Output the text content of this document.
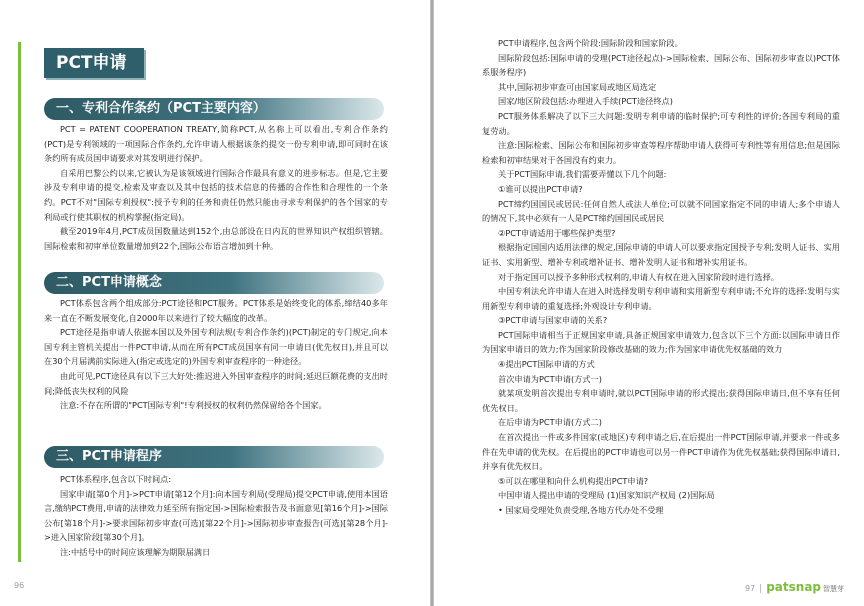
PCT申请
一、专利合作条约（PCT主要内容）

PCT = PATENT COOPERATION TREATY,简称PCT,从名称上可以看出,专利合作条约(PCT)是专利领域的一项国际合作条约,允许申请人根据该条约提交一份专利申请,即可同时在该条约所有成员国申请要求对其发明进行保护。

自采用巴黎公约以来,它被认为是该领域进行国际合作最具有意义的进步标志。但是,它主要涉及专利申请的提交,检索及审查以及其中包括的技术信息的传播的合作性和合理性的一个条约。PCT不对"国际专利授权":授予专利的任务和责任仍然只能由寻求专利保护的各个国家的专利局或行使其职权的机构掌握(指定局)。

截至2019年4月,PCT成员国数量达到152个,由总部设在日内瓦的世界知识产权组织管辖。国际检索和初审单位数量增加到22个,国际公布语言增加到十种。

二、PCT申请概念

PCT体系包含两个组成部分:PCT途径和PCT服务。PCT体系是始终变化的体系,缔结40多年来一直在不断发展变化,自2000年以来进行了较大幅度的改革。

PCT途径是指申请人依据本国以及外国专利法规(专利合作条约)(PCT)制定的专门规定,向本国专利主管机关提出一件PCT申请,从而在所有PCT成员国享有同一申请日(优先权日),并且可以在30个月届满前实际进入(指定或选定的)外国专利审查程序的一种途径。

由此可见,PCT途径具有以下三大好处:推迟进入外国审查程序的时间;延迟巨额花费的支出时间;降低丧失权利的风险

注意:不存在所谓的"PCT国际专利"!专利授权的权利仍然保留给各个国家。

三、PCT申请程序

PCT体系程序,包含以下时间点:

国家申请[第0个月]->PCT申请[第12个月]:向本国专利局(受理局)提交PCT申请,使用本国语言,缴纳PCT费用,申请的法律效力延至所有指定国->国际检索报告及书面意见[第16个月]->国际公布[第18个月]->要求国际初步审查(可选)[第22个月]->国际初步审查报告(可选)[第28个月]->进入国家阶段[第30个月]。

注:中括号中的时间应该理解为期限届满日

96

PCT申请程序,包含两个阶段:国际阶段和国家阶段。

国际阶段包括:国际申请的受理(PCT途径起点)->国际检索、国际公布、国际初步审查以)PCT体系服务程序)

其中,国际初步审查可由国家局或地区局选定

国家/地区阶段包括:办理进入手续(PCT途径终点)

PCT服务体系解决了以下三大问题:发明专利申请的临时保护;可专利性的评价;各国专利局的重复劳动。

注意:国际检索、国际公布和国际初步审查等程序帮助申请人获得可专利性等有用信息;但是国际检索和初审结果对于各国没有约束力。

关于PCT国际申请,我们需要弄懂以下几个问题:

①谁可以提出PCT申请?

PCT缔约国国民或居民:任何自然人或法人单位;可以就不同国家指定不同的申请人;多个申请人的情况下,其中必须有一人是PCT缔约国国民或居民

②PCT申请适用于哪些保护类型?

根据指定国国内适用法律的规定,国际申请的申请人可以要求指定国授予专利;发明人证书、实用证书、实用新型、增补专利或增补证书、增补发明人证书和增补实用证书。

对于指定国可以授予多种形式权利的,申请人有权在进入国家阶段时进行选择。

中国专利法允许申请人在进入时选择发明专利申请和实用新型专利申请;不允许的选择:发明与实用新型专利申请的重复选择;外观设计专利申请。

③PCT申请与国家申请的关系?

PCT国际申请相当于正规国家申请,具备正规国家申请效力,包含以下三个方面:以国际申请日作为国家申请日的效力;作为国家阶段修改基础的效力;作为国家申请优先权基础的效力

④提出PCT国际申请的方式

首次申请为PCT申请(方式一)

就某项发明首次提出专利申请时,就以PCT国际申请的形式提出;获得国际申请日,但不享有任何优先权日。

在后申请为PCT申请(方式二)

在首次提出一件或多件国家(或地区)专利申请之后,在后提出一件PCT国际申请,并要求一件或多件在先申请的优先权。在后提出的PCT申请也可以另一件PCT申请作为优先权基础;获得国际申请日,并享有优先权日。

⑤可以在哪里和向什么机构提出PCT申请?

中国申请人提出申请的受理局 (1)国家知识产权局 (2)国际局

• 国家局受理处负责受理,各地方代办处不受理

97 | patsnap 智慧芽
